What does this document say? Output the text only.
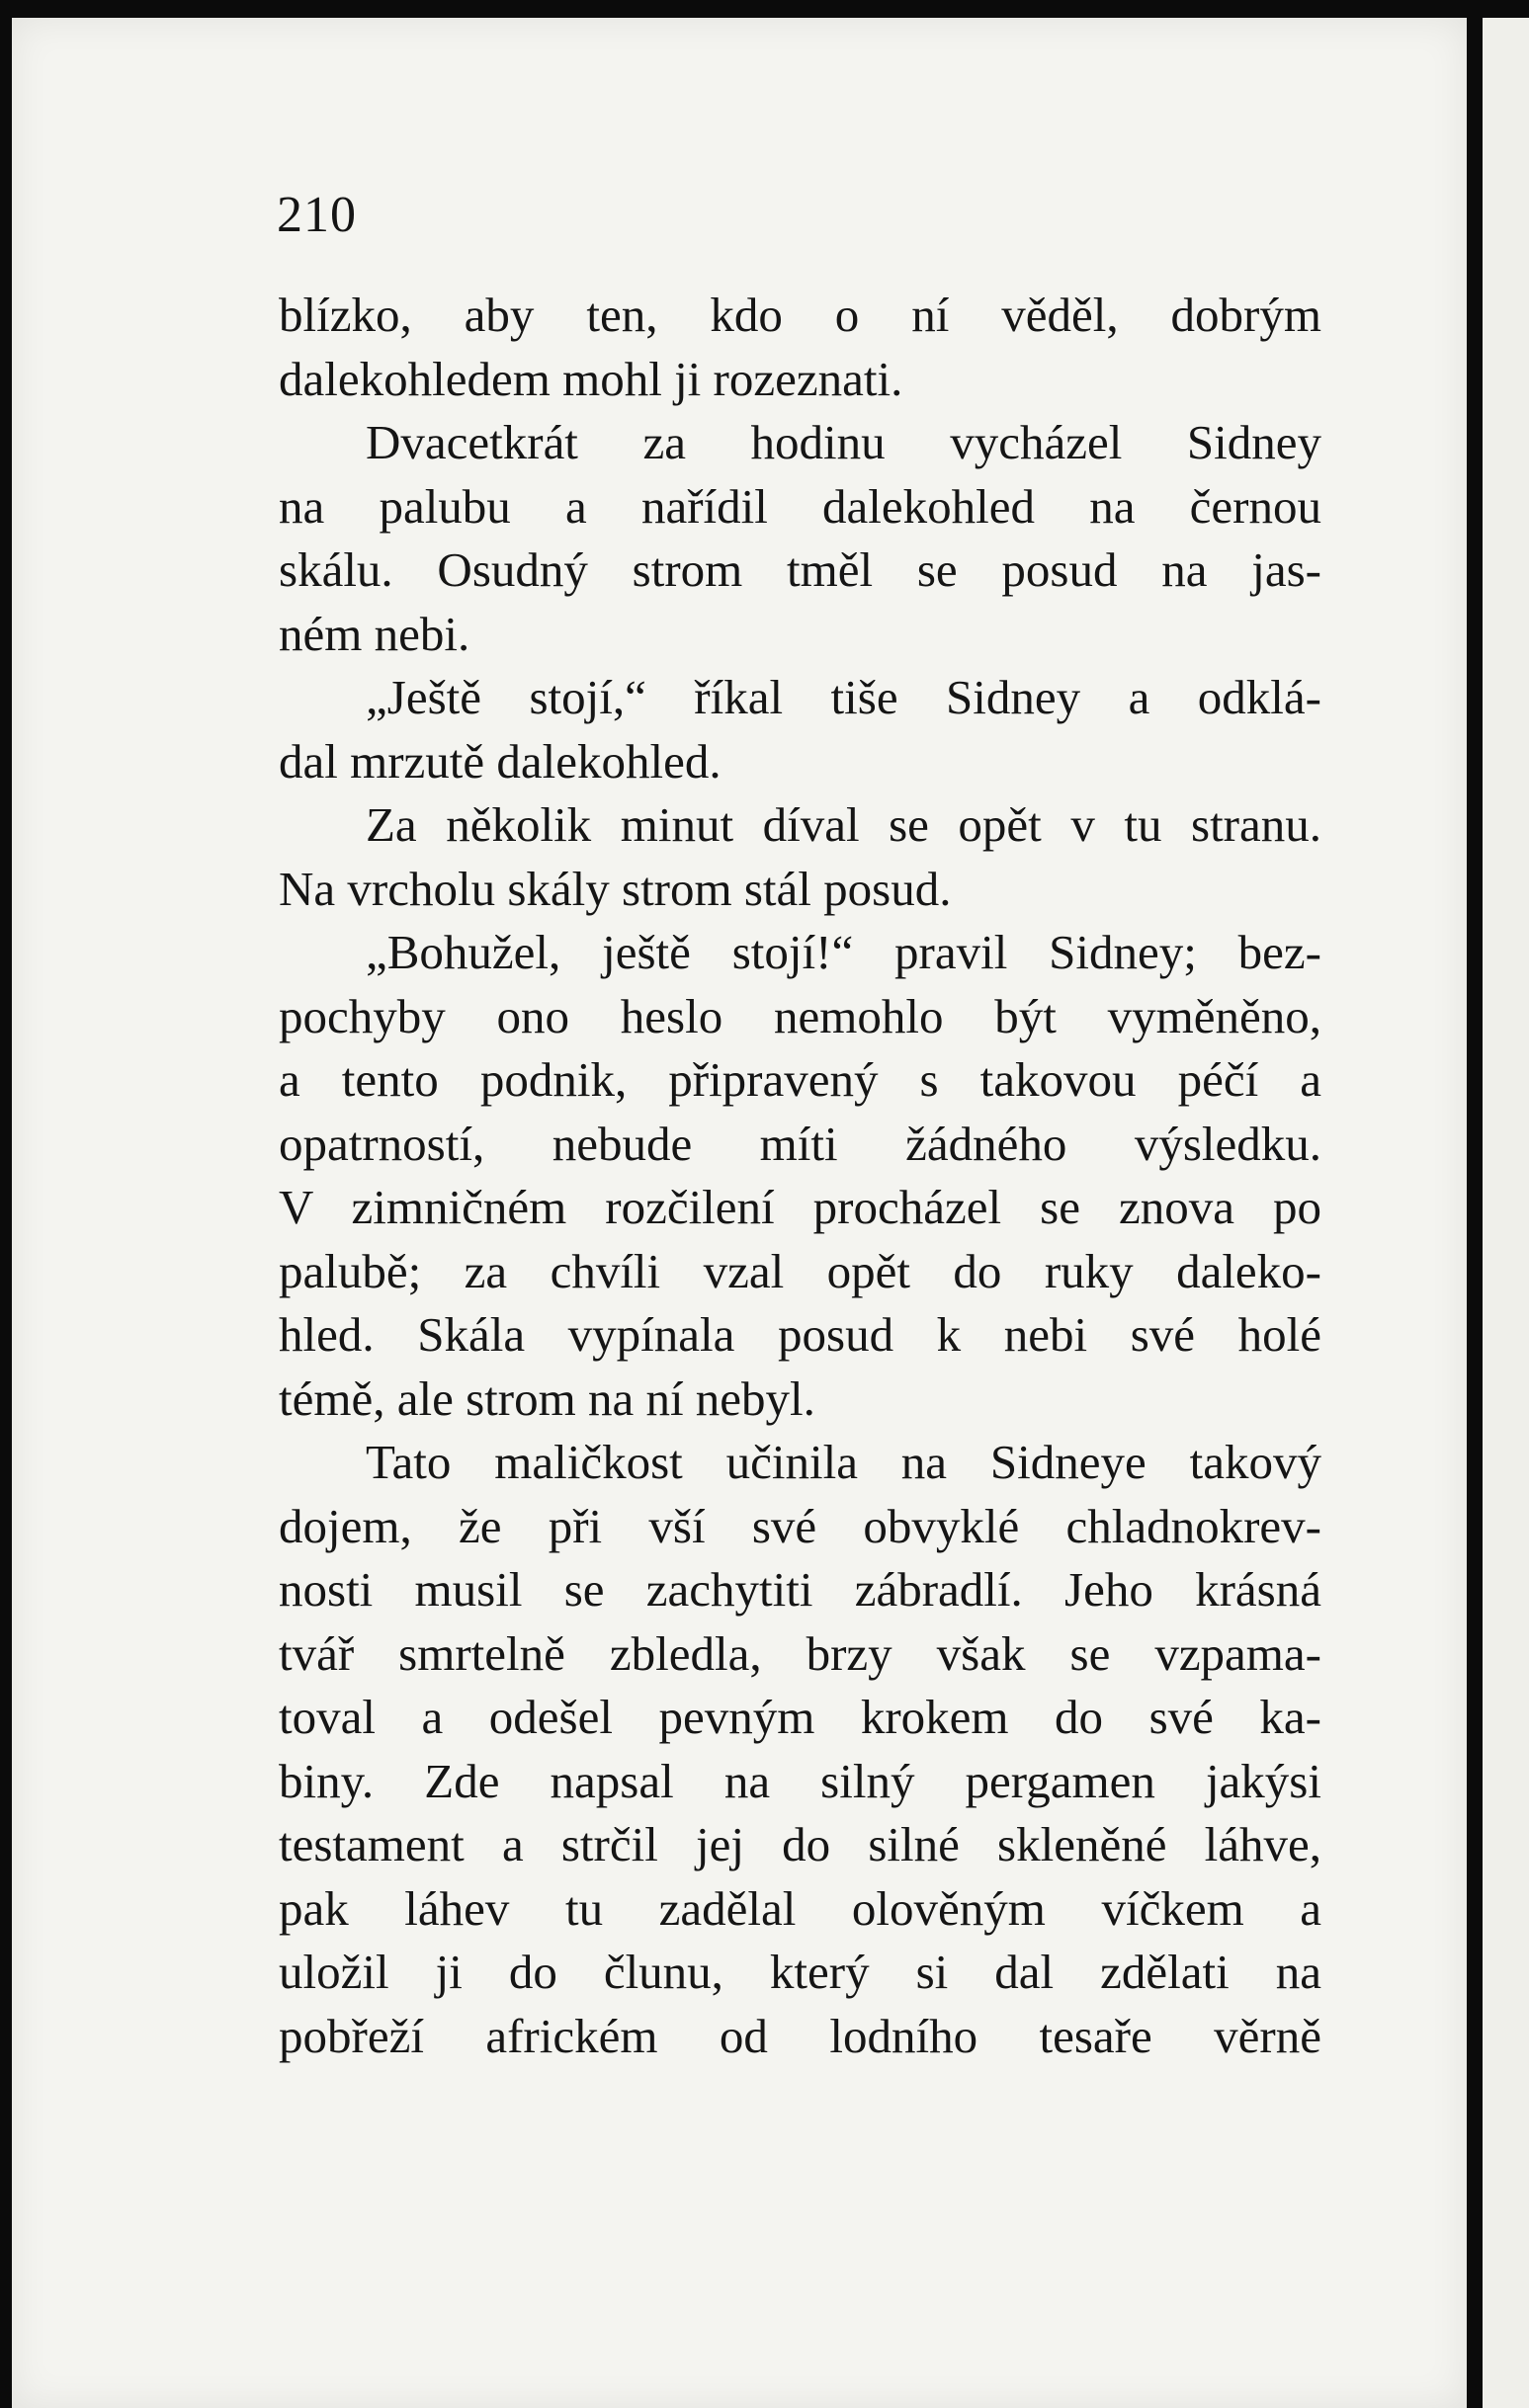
210
blízko, aby ten, kdo o ní věděl, dobrým
dalekohledem mohl ji rozeznati.
Dvacetkrát za hodinu vycházel Sidney
na palubu a nařídil dalekohled na černou
skálu. Osudný strom tměl se posud na jas-
ném nebi.
„Ještě stojí,“ říkal tiše Sidney a odklá-
dal mrzutě dalekohled.
Za několik minut díval se opět v tu stranu.
Na vrcholu skály strom stál posud.
„Bohužel, ještě stojí!“ pravil Sidney; bez-
pochyby ono heslo nemohlo být vyměněno,
a tento podnik, připravený s takovou péčí a
opatrností, nebude míti žádného výsledku.
V zimničném rozčilení procházel se znova po
palubě; za chvíli vzal opět do ruky daleko-
hled. Skála vypínala posud k nebi své holé
témě, ale strom na ní nebyl.
Tato maličkost učinila na Sidneye takový
dojem, že při vší své obvyklé chladnokrev-
nosti musil se zachytiti zábradlí. Jeho krásná
tvář smrtelně zbledla, brzy však se vzpama-
toval a odešel pevným krokem do své ka-
biny. Zde napsal na silný pergamen jakýsi
testament a strčil jej do silné skleněné láhve,
pak láhev tu zadělal olověným víčkem a
uložil ji do člunu, který si dal zdělati na
pobřeží africkém od lodního tesaře věrně
